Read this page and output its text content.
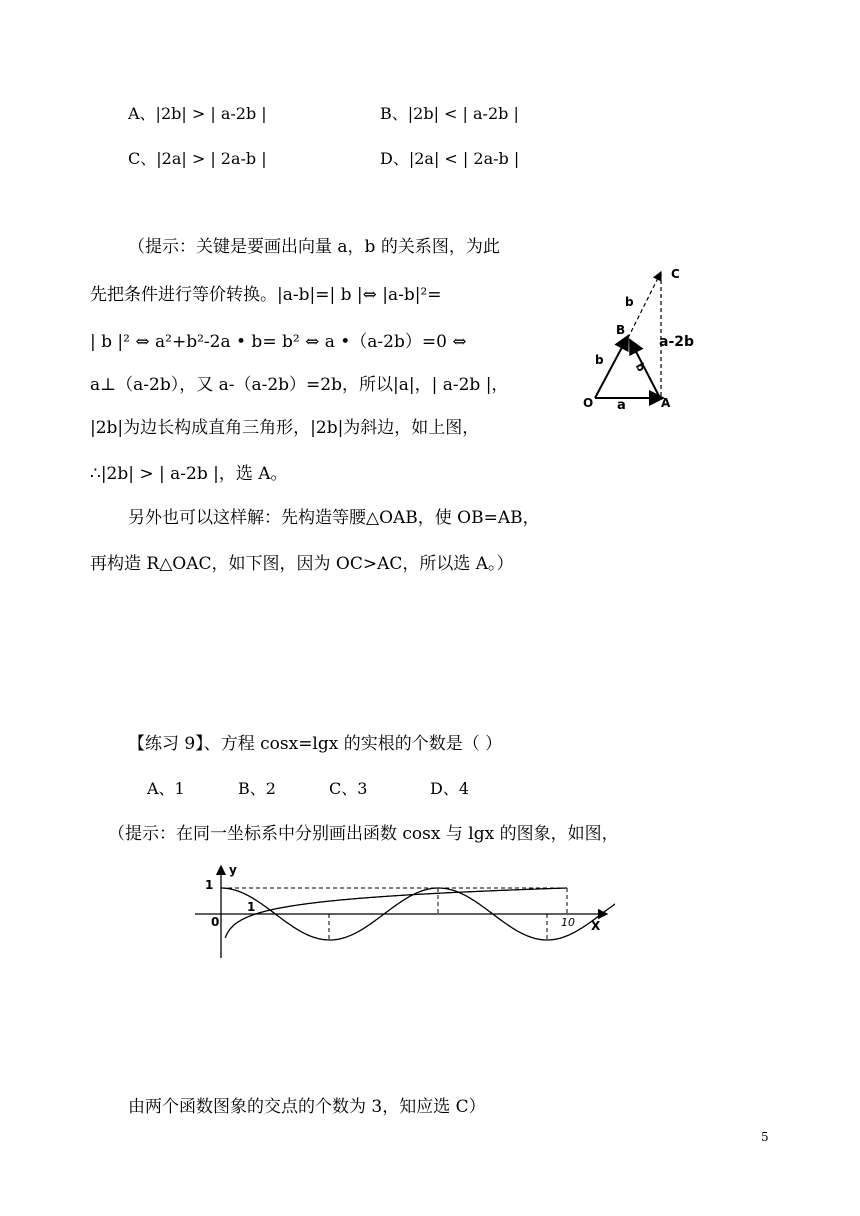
A、|2b| > | a-2b |	B、|2b| < | a-2b |
C、|2a| > | 2a-b |	D、|2a| < | 2a-b |
（提示：关键是要画出向量 a，b 的关系图，为此
先把条件进行等价转换。|a-b|=| b |⇔ |a-b|²=
| b |² ⇔ a²+b²-2a • b= b² ⇔ a •（a-2b）=0 ⇔
a⊥（a-2b），又 a-（a-2b）=2b，所以|a|，| a-2b |，
|2b|为边长构成直角三角形，|2b|为斜边，如上图，
∴|2b| > | a-2b |，选 A。
另外也可以这样解：先构造等腰△OAB，使 OB=AB，
再构造 R△OAC，如下图，因为 OC>AC，所以选 A。）
C
b
B
a-2b
b
b
O a	A
【练习 9】、方程 cosx=lgx 的实根的个数是（ ）
A、1	B、2	C、3	D、4
（提示：在同一坐标系中分别画出函数 cosx 与 lgx 的图象，如图，
y
1
1
0	10 X
由两个函数图象的交点的个数为 3，知应选 C）
5
